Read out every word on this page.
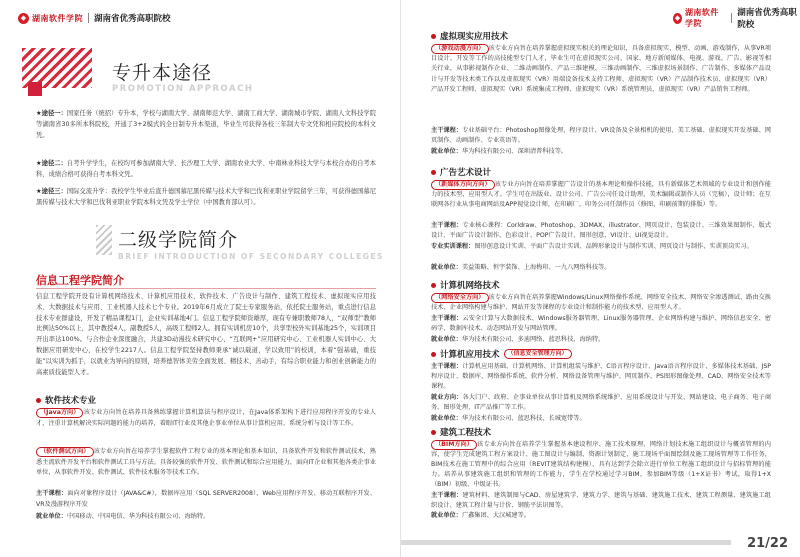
◆ 湖南软件学院 湖南省优秀高职院校
专升本途径
PROMOTION APPROACH

★途径一：国家任务（统招）专升本，学校与湖南大学、湖南师范大学、湖南工商大学、湖南城市学院、湖南人文科技学院等湖南省30多所本科院校，开通了3+2模式的全日制专升本渠道，毕业生可获得各校三年制大专文凭和相应院校的本科文凭。

★途径二：自考升学学生，在校均可参加湖南大学、长沙理工大学、湖南农业大学、中南林业科技大学与本校合办的自考本科，成绩合格可获得自考本科文凭。

★途径三：国际交流升学：我校学生毕业后直升德国慕尼黑传媒与技术大学和巴伐利亚职业学院留学三年，可获得德国慕尼黑传媒与技术大学和巴伐利亚职业学院本科文凭及学士学位（中国教育部认可）。

二级学院简介
BRIEF INTRODUCTION OF SECONDARY COLLEGES
信息工程学院简介

信息工程学院开设有计算机网络技术、计算机应用技术、软件技术、广告设计与制作、建筑工程技术、虚拟现实应用技术、大数据技术与应用、工业机器人技术七个专业。2019年6月成立了院士专家服务站，依托院士服务站，重点进行信息技术专业群建设，开发了精品课程1门，企业实训基地4门。信息工程学院师资雄厚，现有专兼职教师78人，“双师型”教师比例达50%以上，其中教授4人，副教授5人，高级工程师2人。拥有实训机房10个，共享型校外实训基地25个，实训项目开出率达100%。与合作企业深度融合，共建3D动漫技术研究中心、“互联网+”应用研究中心、工业机器人实训中心、大数据应用研发中心，在校学生2217人。信息工程学院坚持教师秉承“诚以载道，学以致用”的校训，本着“强基础，重技能”以实训为抓手，以就业为导向的原则，培养德智体美劳全面发展、精技术、善动手，有综合职业能力和创业创新能力的高素质技能型人才。

软件技术专业

（Java方向） 该专业方向旨在培养具备熟练掌握计算机算法与程序设计，在Java体系架构下进行应用程序开发的专业人才，注重计算机解决实际问题的能力的培养，着眼IT行业及其他企事业单位从事计算机应用、系统分析与设计等工作。

（软件测试方向） 该专业方向旨在培养学生掌握软件工程专业的基本理论和基本知识，具备软件开发和软件测试技术，熟悉主流软件开发平台和软件测试工具与方法。具备较强的软件开发、软件测试和综合应用能力，面向IT企业和其他各类企事业单位，从事软件开发、软件测试、软件技术服务等技术工作。

主干课程：面向对象程序设计（JAVA&C#），数据库应用（SQL SERVER2008），Web应用程序开发、移动互联程序开发、VR及漫游程序开发

就业单位：中国移动、中国电信、华为科技有限公司、海纳特。

◆
湖南软件学院
湖南省优秀高职院校
虚拟现实应用技术

（游戏动漫方向） 该专业方向旨在培养掌握虚拟现实相关的理论知识，具备虚拟现实、模型、动画、游戏制作，从事VR项目设计、开发等工作的高技能型专门人才，毕业生可在虚拟现实公司、国家、地方新闻媒体、电视、游戏、广告、影视等相关行业，从事影视制作企业、二维动画制作、产品三维建模、三维动画制作、三维虚拟场景制作、广告制作、多媒体产品设计与开发等技术类工作以及虚拟现实（VR）用端设备技术支持工程师、虚拟现实（VR）产品制作技术员、虚拟现实（VR）产品开发工程师、虚拟现实（VR）系统集成工程师、虚拟现实（VR）系统管理员、虚拟现实（VR）产品销售工程师。

主干课程：专业基础平台：Photoshop图像处理、程序设计、VR设备及全景相机的使用、美工基础、虚拟现实开发基础、网页制作、动画制作、专业英语等。

就业单位：华为科技有限公司、深圳清普科技等。

广告艺术设计

（新媒体方向方向） 该专业方向旨在培养掌握广告设计的基本理论和操作技能，具有新媒体艺术领域的专业设计和创作能力的技术型、应用型人才。学生可在出版业、设计公司、广告公司任设计助理，美术编辑或制作人员（完稿），设计师；在互联网各行业从事电商网站及APP视觉设计师，在印刷厂，印务公司任制作员（修图、印刷前期的排版）等。

主干课程：专业核心课程：Corldraw、Photoshop、3DMAX、illustrator、网页设计、包装设计、三维效果图制作、版式设计、平面广告设计制作、色彩设计、POP广告设计、图形创意、VI设计、UI视觉设计。

专业实训课程：图形创意设计实训、平面广告设计实训、品牌形象设计与制作实训、网页设计与制作、实训顶岗实习。

就业单位：美益策略、恒宇装饰、上海梅印、一九八网络科技等。

计算机网络技术

（网络安全方向） 该专业方向旨在培养掌握Windows/Linux网络操作系统、网络安全技术、网络安全渗透测试、路由交换技术、企业网络构建与维护、网站开发等课程的专业设计和制作能力的技术型、应用型人才。

主干课程：云安全计算与大数据技术、Windows服务器管理、Linux服务器管理、企业网络构建与维护、网络信息安全、密码学、数据库技术、动态网站开发与网站管理。

就业单位：华为技术有限公司、多迪网络、蓝思科技、海纳特。

计算机应用技术	（信息安全管理方向）

主干课程：计算机应用基础、计算机网络、计算机组装与维护、C语言程序设计、Java语言程序设计、多媒体技术基础、JSP程序设计、数据库、网络操作系统、软件分析、网络设备管理与维护、网页制作、PS图形图像处理、CAD、网络安全技术等课程。

就业方向：各大门户、政府、企事业单位从事计算机及网络系统维护、应用系统设计与开发、网站建设、电子商务、电子商务、图形处理、IT产品推广等工作。

就业单位：华为技术有限公司、蓝思科技、长城宽带等。

建筑工程技术

（BIM方向） 该专业方向旨在培养学生掌握基本建设程序、施工技术原理、网络计划技术施工组织设计与概省管理的内容，使学生完成建筑工程方案设计、施工图设计与编制、资源计划制定、施工现场平面图绘制及施工现场管理等工作任务，BIM技术在施工管理中的综合应用（REVIT建筑结构建模），具有达到学会除立进行单位工程施工组织设计与招标管理的能力。培养从事建筑施工组织和管理的工作能力，学生在学校通过学习BIM，参加BIM等级（1+X证书）考试，取得1+X（BIM）初级、中级证书。

主干课程：建筑材料、建筑制图与CAD、房屋建筑学、建筑力学、建筑与基础、建筑施工技术、建筑工程测量、建筑施工组织设计、建筑工程计量与计价、钢筋平法识图等。

就业单位：广鑫集团、大汉城建等。

21/22
